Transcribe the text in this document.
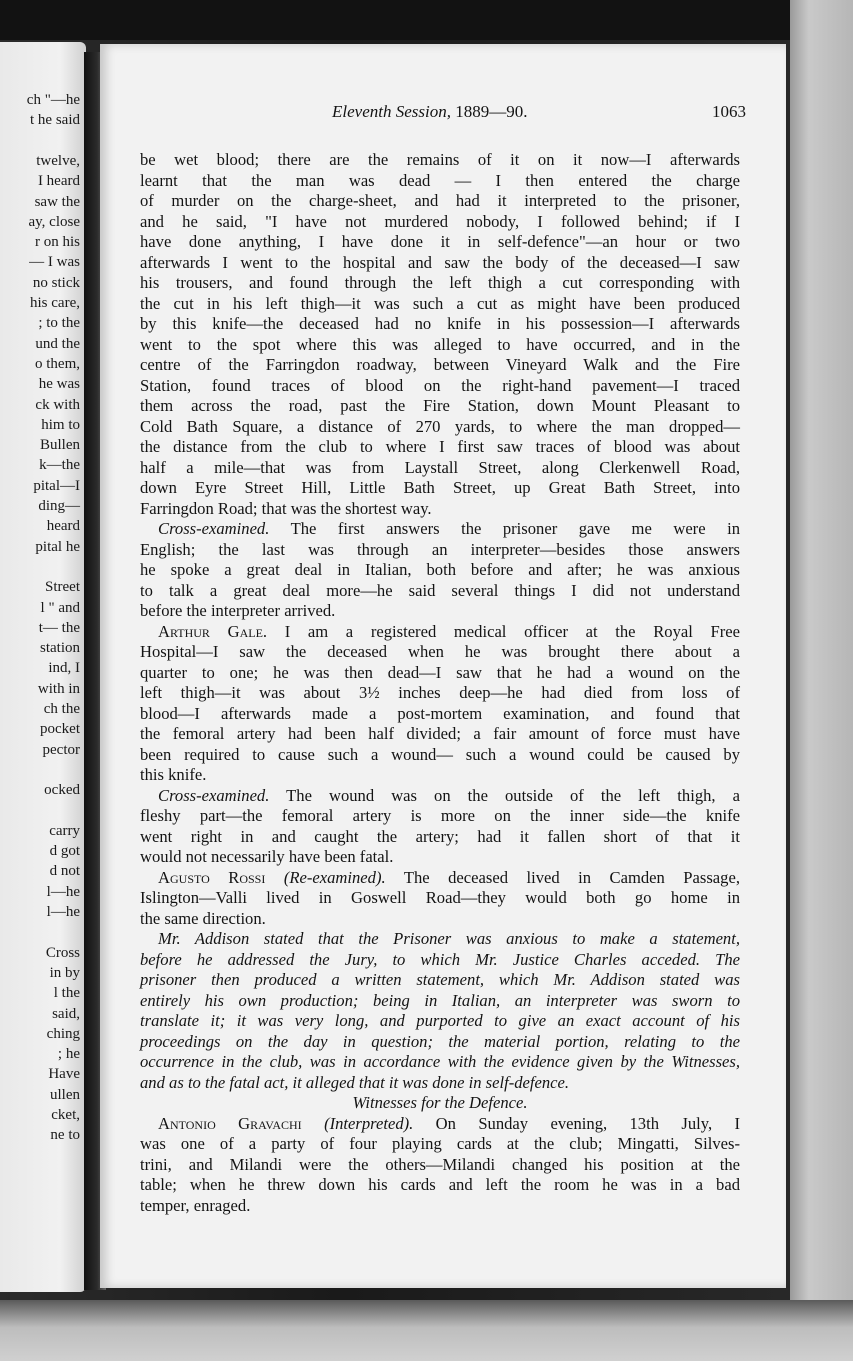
ch "—he
t he said
twelve,
I heard
saw the
ay, close
r on his
— I was
no stick
his care,
; to the
und the
o them,
he was
ck with
him to
Bullen
k—the
pital—I
ding—
heard
pital he
Street
l " and
t— the
station
ind, I
with in
ch the
pocket
pector
ocked
carry
d got
d not
l—he
l—he
Cross
in by
l the
said,
ching
; he
Have
ullen
cket,
ne to
Eleventh Session, 1889—90.	1063
be wet blood; there are the remains of it on it now—I afterwards
learnt that the man was dead — I then entered the charge
of murder on the charge-sheet, and had it interpreted to the prisoner,
and he said, "I have not murdered nobody, I followed behind; if I
have done anything, I have done it in self-defence"—an hour or two
afterwards I went to the hospital and saw the body of the deceased—I saw
his trousers, and found through the left thigh a cut corresponding with
the cut in his left thigh—it was such a cut as might have been produced
by this knife—the deceased had no knife in his possession—I afterwards
went to the spot where this was alleged to have occurred, and in the
centre of the Farringdon roadway, between Vineyard Walk and the Fire
Station, found traces of blood on the right-hand pavement—I traced
them across the road, past the Fire Station, down Mount Pleasant to
Cold Bath Square, a distance of 270 yards, to where the man dropped—
the distance from the club to where I first saw traces of blood was about
half a mile—that was from Laystall Street, along Clerkenwell Road,
down Eyre Street Hill, Little Bath Street, up Great Bath Street, into
Farringdon Road; that was the shortest way.
Cross-examined. The first answers the prisoner gave me were in
English; the last was through an interpreter—besides those answers
he spoke a great deal in Italian, both before and after; he was anxious
to talk a great deal more—he said several things I did not understand
before the interpreter arrived.
Arthur Gale. I am a registered medical officer at the Royal Free
Hospital—I saw the deceased when he was brought there about a
quarter to one; he was then dead—I saw that he had a wound on the
left thigh—it was about 3½ inches deep—he had died from loss of
blood—I afterwards made a post-mortem examination, and found that
the femoral artery had been half divided; a fair amount of force must have
been required to cause such a wound— such a wound could be caused by
this knife.
Cross-examined. The wound was on the outside of the left thigh, a
fleshy part—the femoral artery is more on the inner side—the knife
went right in and caught the artery; had it fallen short of that it
would not necessarily have been fatal.
Agusto Rossi (Re-examined). The deceased lived in Camden Passage,
Islington—Valli lived in Goswell Road—they would both go home in
the same direction.
Mr. Addison stated that the Prisoner was anxious to make a statement,
before he addressed the Jury, to which Mr. Justice Charles acceded. The
prisoner then produced a written statement, which Mr. Addison stated was
entirely his own production; being in Italian, an interpreter was sworn to
translate it; it was very long, and purported to give an exact account of his
proceedings on the day in question; the material portion, relating to the
occurrence in the club, was in accordance with the evidence given by the Witnesses,
and as to the fatal act, it alleged that it was done in self-defence.
Witnesses for the Defence.
Antonio Gravachi (Interpreted). On Sunday evening, 13th July, I
was one of a party of four playing cards at the club; Mingatti, Silves-
trini, and Milandi were the others—Milandi changed his position at the
table; when he threw down his cards and left the room he was in a bad
temper, enraged.
